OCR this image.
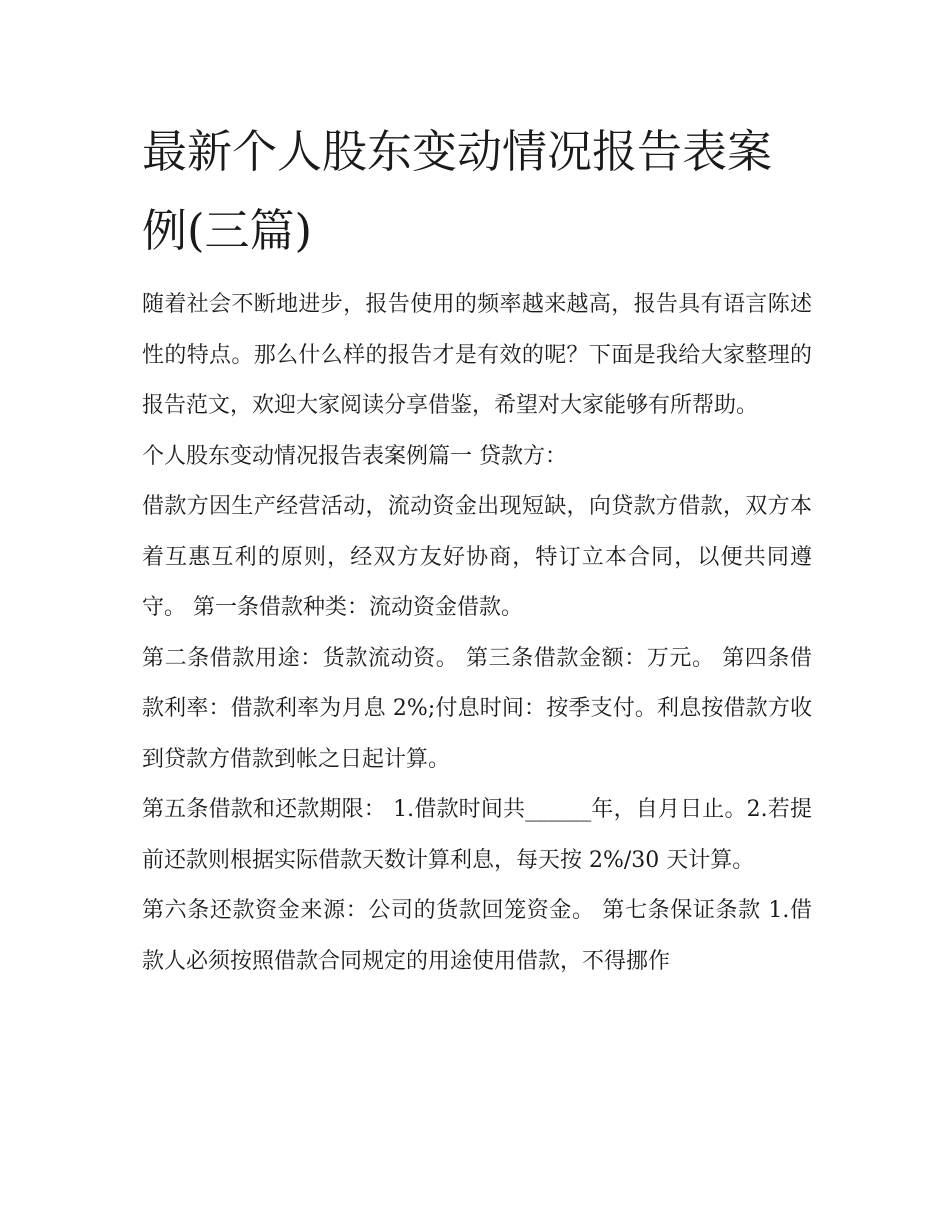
最新个人股东变动情况报告表案例(三篇)

随着社会不断地进步，报告使用的频率越来越高，报告具有语言陈述性的特点。那么什么样的报告才是有效的呢？下面是我给大家整理的报告范文，欢迎大家阅读分享借鉴，希望对大家能够有所帮助。

个人股东变动情况报告表案例篇一 贷款方：

借款方因生产经营活动，流动资金出现短缺，向贷款方借款，双方本着互惠互利的原则，经双方友好协商，特订立本合同，以便共同遵守。 第一条借款种类：流动资金借款。

第二条借款用途：货款流动资。 第三条借款金额：万元。 第四条借款利率：借款利率为月息 2%;付息时间：按季支付。利息按借款方收到贷款方借款到帐之日起计算。

第五条借款和还款期限： 1.借款时间共______年，自月日止。2.若提前还款则根据实际借款天数计算利息，每天按 2%/30 天计算。

第六条还款资金来源：公司的货款回笼资金。 第七条保证条款 1.借款人必须按照借款合同规定的用途使用借款，不得挪作
